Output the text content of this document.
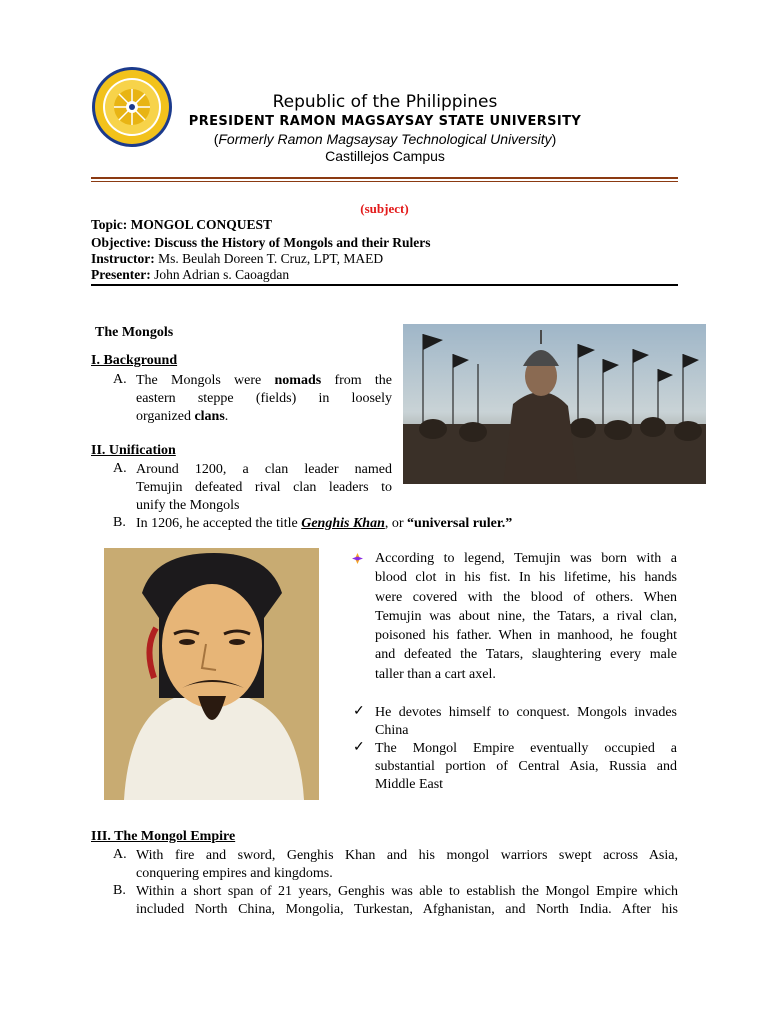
Republic of the Philippines
PRESIDENT RAMON MAGSAYSAY STATE UNIVERSITY
(Formerly Ramon Magsaysay Technological University)
Castillejos Campus
(subject)
Topic: MONGOL CONQUEST
Objective: Discuss the History of Mongols and their Rulers
Instructor: Ms. Beulah Doreen T. Cruz, LPT, MAED
Presenter: John Adrian s. Caoagdan
The Mongols
I. Background
A. The Mongols were nomads from the
eastern steppe (fields) in loosely
organized clans.
II. Unification
A. Around 1200, a clan leader named
Temujin defeated rival clan leaders to
unify the Mongols
B. In 1206, he accepted the title Genghis Khan, or “universal ruler.”
According to legend, Temujin was born with a
blood clot in his fist. In his lifetime, his hands
were covered with the blood of others. When
Temujin was about nine, the Tatars, a rival clan,
poisoned his father. When in manhood, he fought
and defeated the Tatars, slaughtering every male
taller than a cart axel.
✓ He devotes himself to conquest. Mongols invades
China
✓ The Mongol Empire eventually occupied a
substantial portion of Central Asia, Russia and
Middle East
III. The Mongol Empire
A. With fire and sword, Genghis Khan and his mongol warriors swept across Asia,
conquering empires and kingdoms.
B. Within a short span of 21 years, Genghis was able to establish the Mongol Empire which
included North China, Mongolia, Turkestan, Afghanistan, and North India. After his
